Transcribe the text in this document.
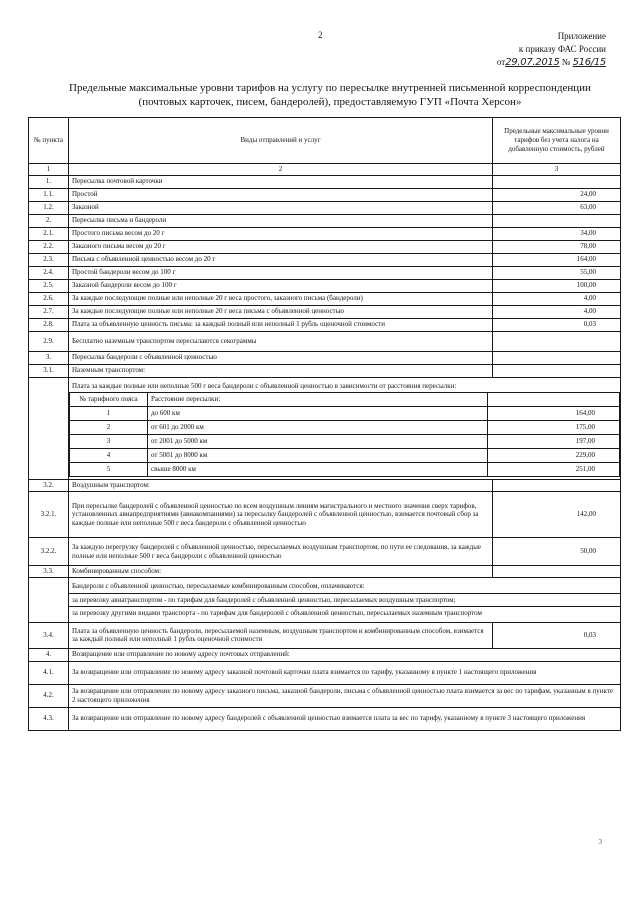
2	Приложение
к приказу ФАС России
от29.07.2015 № 516/15
Предельные максимальные уровни тарифов на услугу по пересылке внутренней письменной корреспонденции
(почтовых карточек, писем, бандеролей), предоставляемую ГУП «Почта Херсон»
№ пункта	Виды отправлений и услуг	Предельные максимальные уровни тарифов без учета налога на добавленную стоимость, рублей
1	2	3
1.	Пересылка почтовой карточки	
1.1.	Простой	24,00
1.2.	Заказной	63,00
2.	Пересылка письма и бандероли	
2.1.	Простого письма весом до 20 г	34,00
2.2.	Заказного письма весом до 20 г	78,00
2.3.	Письма с объявленной ценностью весом до 20 г	164,00
2.4.	Простой бандероли весом до 100 г	55,00
2.5.	Заказной бандероли весом до 100 г	100,00
2.6.	За каждые последующие полные или неполные 20 г веса простого, заказного письма (бандероли)	4,00
2.7.	За каждые последующие полные или неполные 20 г веса письма с объявленной ценностью	4,00
2.8.	Плата за объявленную ценность письма: за каждый полный или неполный 1 рубль оценочной стоимости	0,03
2.9.	Бесплатно наземным транспортом пересылаются секограммы	
3.	Пересылка бандероли с объявленной ценностью	
3.1.	Наземным транспортом:	

Плата за каждые полные или неполные 500 г веса бандероли с объявленной ценностью в зависимости от расстояния пересылки:
№ тарифного пояса	Расстояние пересылки:	
1	до 600 км	164,00
2	от 601 до 2000 км	175,00
3	от 2001 до 5000 км	197,00
4	от 5001 до 8000 км	229,00
5	свыше 8000 км	251,00

3.2.	Воздушным транспортом:	
3.2.1.	При пересылке бандеролей с объявленной ценностью по всем воздушным линиям магистрального и местного значения сверх тарифов, установленных авиапредприятиями (авиакомпаниями) за пересылку бандеролей с объявленной ценностью, взимается почтовый сбор за каждые полные или неполные 500 г веса бандероли с объявленной ценностью	142,00
3.2.2.	За каждую перегрузку бандеролей с объявленной ценностью, пересылаемых воздушным транспортом, по пути ее следования, за каждые полные или неполные 500 г веса бандероли с объявленной ценностью	50,00
3.3.	Комбинированным способом:	

Бандероли с объявленной ценностью, пересылаемые комбинированным способом, оплачиваются:
за перевозку авиатранспортом - по тарифам для бандеролей с объявленной ценностью, пересылаемых воздушным транспортом;
за перевозку другими видами транспорта - по тарифам для бандеролей с объявленной ценностью, пересылаемых наземным транспортом

3.4.	Плата за объявленную ценность бандероли, пересылаемой наземным, воздушным транспортом и комбинированным способом, взимается за каждый полный или неполный 1 рубль оценочной стоимости	0,03
4.	Возвращение или отправление по новому адресу почтовых отправлений:
4.1.	За возвращение или отправление по новому адресу заказной почтовой карточки плата взимается по тарифу, указанному в пункте 1 настоящего приложения
4.2.	За возвращение или отправление по новому адресу заказного письма, заказной бандероли, письма с объявленной ценностью плата взимается за вес по тарифам, указанным в пункте 2 настоящего приложения
4.3.	За возвращение или отправление по новому адресу бандеролей с объявленной ценностью взимается плата за вес по тарифу, указанному в пункте 3 настоящего приложения
3
